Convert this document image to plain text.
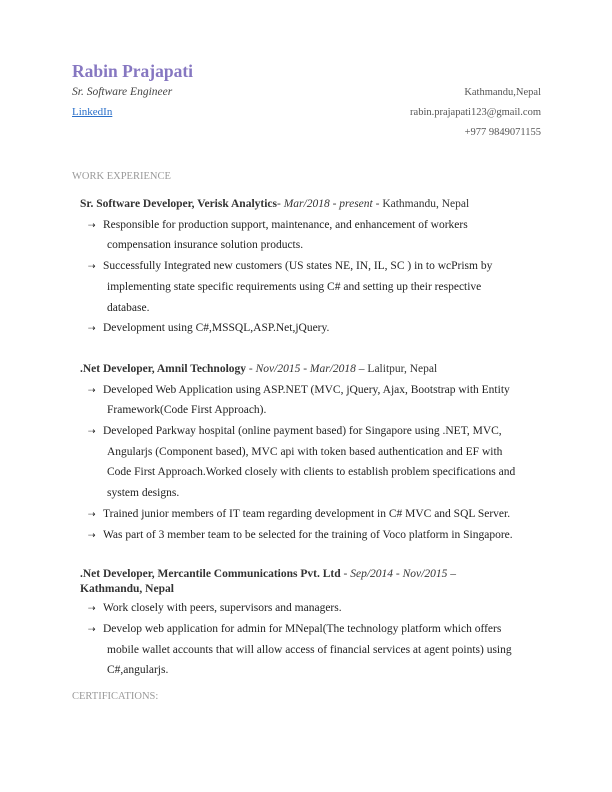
Rabin Prajapati
Sr. Software Engineer
LinkedIn
Kathmandu,Nepal
rabin.prajapati123@gmail.com
+977 9849071155
WORK EXPERIENCE
Sr. Software Developer, Verisk Analytics- Mar/2018 - present - Kathmandu, Nepal
⇢ Responsible for production support, maintenance, and enhancement of workers
compensation insurance solution products.
⇢ Successfully Integrated new customers (US states NE, IN, IL, SC ) in to wcPrism by
implementing state specific requirements using C# and setting up their respective
database.
⇢ Development using C#,MSSQL,ASP.Net,jQuery.
.Net Developer, Amnil Technology - Nov/2015 - Mar/2018 – Lalitpur, Nepal
⇢ Developed Web Application using ASP.NET (MVC, jQuery, Ajax, Bootstrap with Entity
Framework(Code First Approach).
⇢ Developed Parkway hospital (online payment based) for Singapore using .NET, MVC,
Angularjs (Component based), MVC api with token based authentication and EF with
Code First Approach.Worked closely with clients to establish problem specifications and
system designs.
⇢ Trained junior members of IT team regarding development in C# MVC and SQL Server.
⇢ Was part of 3 member team to be selected for the training of Voco platform in Singapore.
.Net Developer, Mercantile Communications Pvt. Ltd - Sep/2014 - Nov/2015 –
Kathmandu, Nepal
⇢ Work closely with peers, supervisors and managers.
⇢ Develop web application for admin for MNepal(The technology platform which offers
mobile wallet accounts that will allow access of financial services at agent points) using
C#,angularjs.
CERTIFICATIONS:
